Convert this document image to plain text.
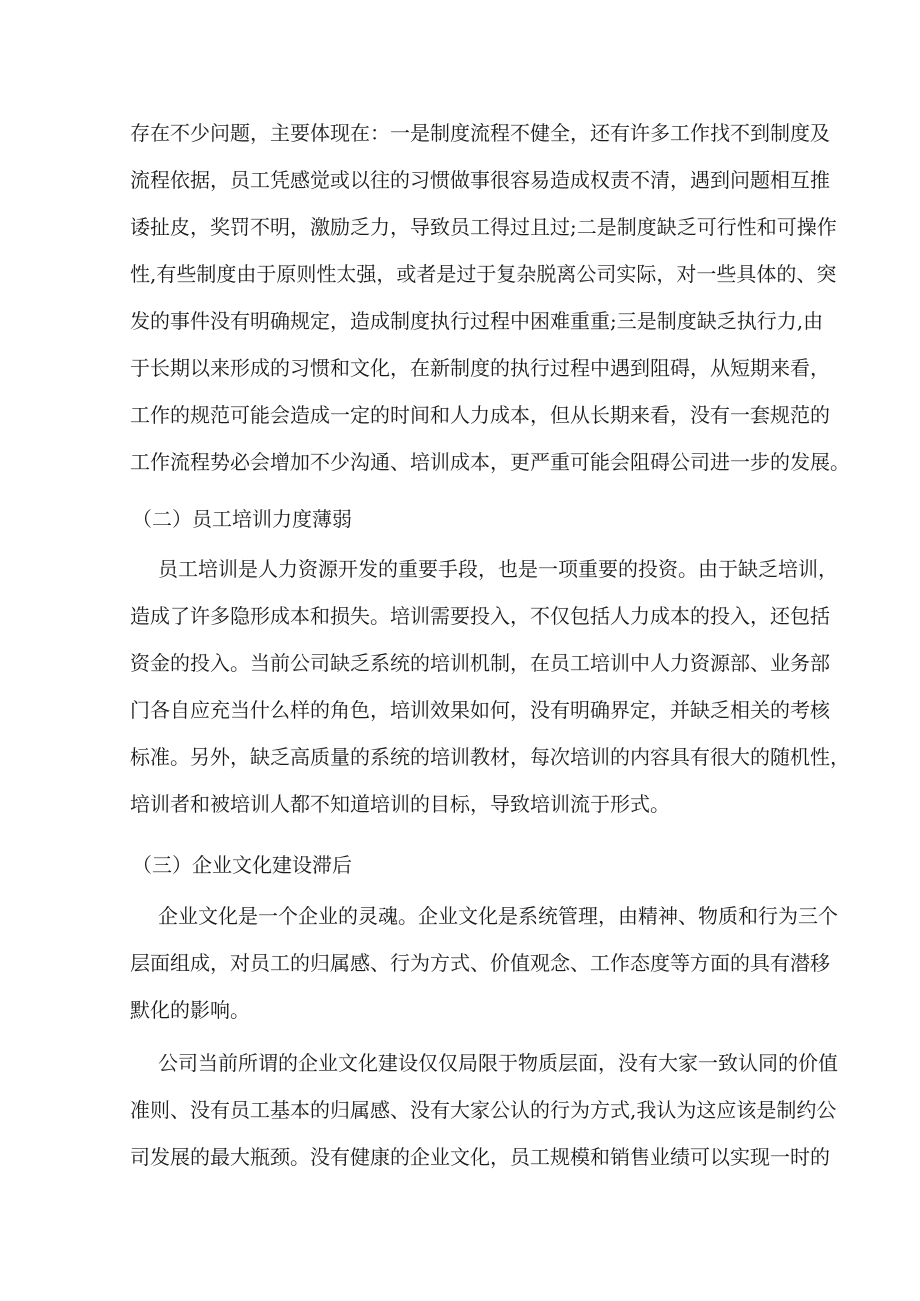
存在不少问题，主要体现在：一是制度流程不健全，还有许多工作找不到制度及
流程依据，员工凭感觉或以往的习惯做事很容易造成权责不清，遇到问题相互推
诿扯皮，奖罚不明，激励乏力，导致员工得过且过;二是制度缺乏可行性和可操作
性,有些制度由于原则性太强，或者是过于复杂脱离公司实际，对一些具体的、突
发的事件没有明确规定，造成制度执行过程中困难重重;三是制度缺乏执行力,由
于长期以来形成的习惯和文化，在新制度的执行过程中遇到阻碍，从短期来看，
工作的规范可能会造成一定的时间和人力成本，但从长期来看，没有一套规范的
工作流程势必会增加不少沟通、培训成本，更严重可能会阻碍公司进一步的发展。
（二）员工培训力度薄弱
员工培训是人力资源开发的重要手段，也是一项重要的投资。由于缺乏培训，
造成了许多隐形成本和损失。培训需要投入，不仅包括人力成本的投入，还包括
资金的投入。当前公司缺乏系统的培训机制，在员工培训中人力资源部、业务部
门各自应充当什么样的角色，培训效果如何，没有明确界定，并缺乏相关的考核
标准。另外，缺乏高质量的系统的培训教材，每次培训的内容具有很大的随机性，
培训者和被培训人都不知道培训的目标，导致培训流于形式。
（三）企业文化建设滞后
企业文化是一个企业的灵魂。企业文化是系统管理，由精神、物质和行为三个
层面组成，对员工的归属感、行为方式、价值观念、工作态度等方面的具有潜移
默化的影响。
公司当前所谓的企业文化建设仅仅局限于物质层面，没有大家一致认同的价值
准则、没有员工基本的归属感、没有大家公认的行为方式,我认为这应该是制约公
司发展的最大瓶颈。没有健康的企业文化，员工规模和销售业绩可以实现一时的
